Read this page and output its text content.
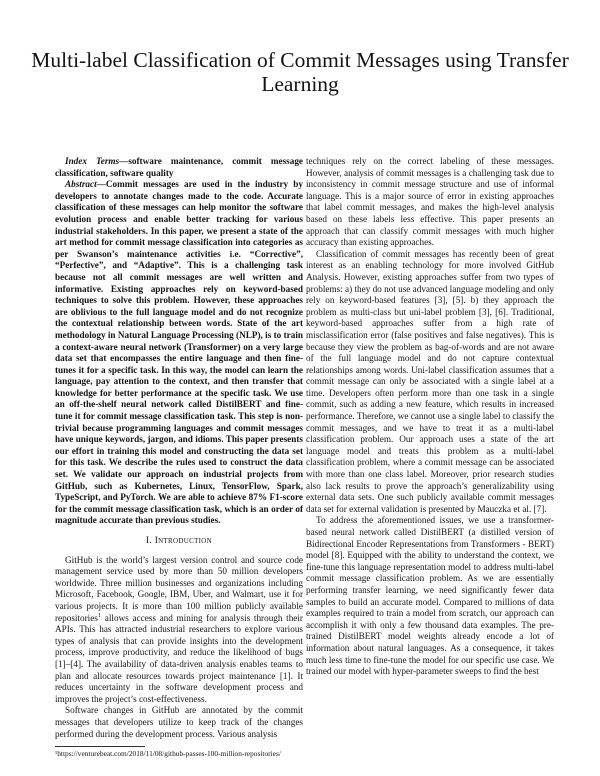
Multi-label Classification of Commit Messages using Transfer Learning

Index Terms—software maintenance, commit message classification, software quality

Abstract—Commit messages are used in the industry by developers to annotate changes made to the code. Accurate classification of these messages can help monitor the software evolution process and enable better tracking for various industrial stakeholders. In this paper, we present a state of the art method for commit message classification into categories as per Swanson’s maintenance activities i.e. “Corrective”, “Perfective”, and “Adaptive”. This is a challenging task because not all commit messages are well written and informative. Existing approaches rely on keyword-based techniques to solve this problem. However, these approaches are oblivious to the full language model and do not recognize the contextual relationship between words. State of the art methodology in Natural Language Processing (NLP), is to train a context-aware neural network (Transformer) on a very large data set that encompasses the entire language and then fine-tunes it for a specific task. In this way, the model can learn the language, pay attention to the context, and then transfer that knowledge for better performance at the specific task. We use an off-the-shelf neural network called DistilBERT and fine-tune it for commit message classification task. This step is non-trivial because programming languages and commit messages have unique keywords, jargon, and idioms. This paper presents our effort in training this model and constructing the data set for this task. We describe the rules used to construct the data set. We validate our approach on industrial projects from GitHub, such as Kubernetes, Linux, TensorFlow, Spark, TypeScript, and PyTorch. We are able to achieve 87% F1-score for the commit message classification task, which is an order of magnitude accurate than previous studies.

I. Introduction

GitHub is the world’s largest version control and source code management service used by more than 50 million developers worldwide. Three million businesses and organizations including Microsoft, Facebook, Google, IBM, Uber, and Walmart, use it for various projects. It is more than 100 million publicly available repositories$^1$ allows access and mining for analysis through their APIs. This has attracted industrial researchers to explore various types of analysis that can provide insights into the development process, improve productivity, and reduce the likelihood of bugs [1]–[4]. The availability of data-driven analysis enables teams to plan and allocate resources towards project maintenance [1]. It reduces uncertainty in the software development process and improves the project’s cost-effectiveness.

Software changes in GitHub are annotated by the commit messages that developers utilize to keep track of the changes performed during the development process. Various analysis

¹https://venturebeat.com/2018/11/08/github-passes-100-million-repositories/

techniques rely on the correct labeling of these messages. However, analysis of commit messages is a challenging task due to inconsistency in commit message structure and use of informal language. This is a major source of error in existing approaches that label commit messages, and makes the high-level analysis based on these labels less effective. This paper presents an approach that can classify commit messages with much higher accuracy than existing approaches.

Classification of commit messages has recently been of great interest as an enabling technology for more involved GitHub Analysis. However, existing approaches suffer from two types of problems: a) they do not use advanced language modeling and only rely on keyword-based features [3], [5]. b) they approach the problem as multi-class but uni-label problem [3], [6]. Traditional, keyword-based approaches suffer from a high rate of misclassification error (false positives and false negatives). This is because they view the problem as bag-of-words and are not aware of the full language model and do not capture contextual relationships among words. Uni-label classification assumes that a commit message can only be associated with a single label at a time. Developers often perform more than one task in a single commit, such as adding a new feature, which results in increased performance. Therefore, we cannot use a single label to classify the commit messages, and we have to treat it as a multi-label classification problem. Our approach uses a state of the art language model and treats this problem as a multi-label classification problem, where a commit message can be associated with more than one class label. Moreover, prior research studies also lack results to prove the approach’s generalizability using external data sets. One such publicly available commit messages data set for external validation is presented by Mauczka et al. [7].

To address the aforementioned issues, we use a transformer-based neural network called DistilBERT (a distilled version of Bidirectional Encoder Representations from Transformers - BERT) model [8]. Equipped with the ability to understand the context, we fine-tune this language representation model to address multi-label commit message classification problem. As we are essentially performing transfer learning, we need significantly fewer data samples to build an accurate model. Compared to millions of data examples required to train a model from scratch, our approach can accomplish it with only a few thousand data examples. The pre-trained DistilBERT model weights already encode a lot of information about natural languages. As a consequence, it takes much less time to fine-tune the model for our specific use case. We trained our model with hyper-parameter sweeps to find the best
